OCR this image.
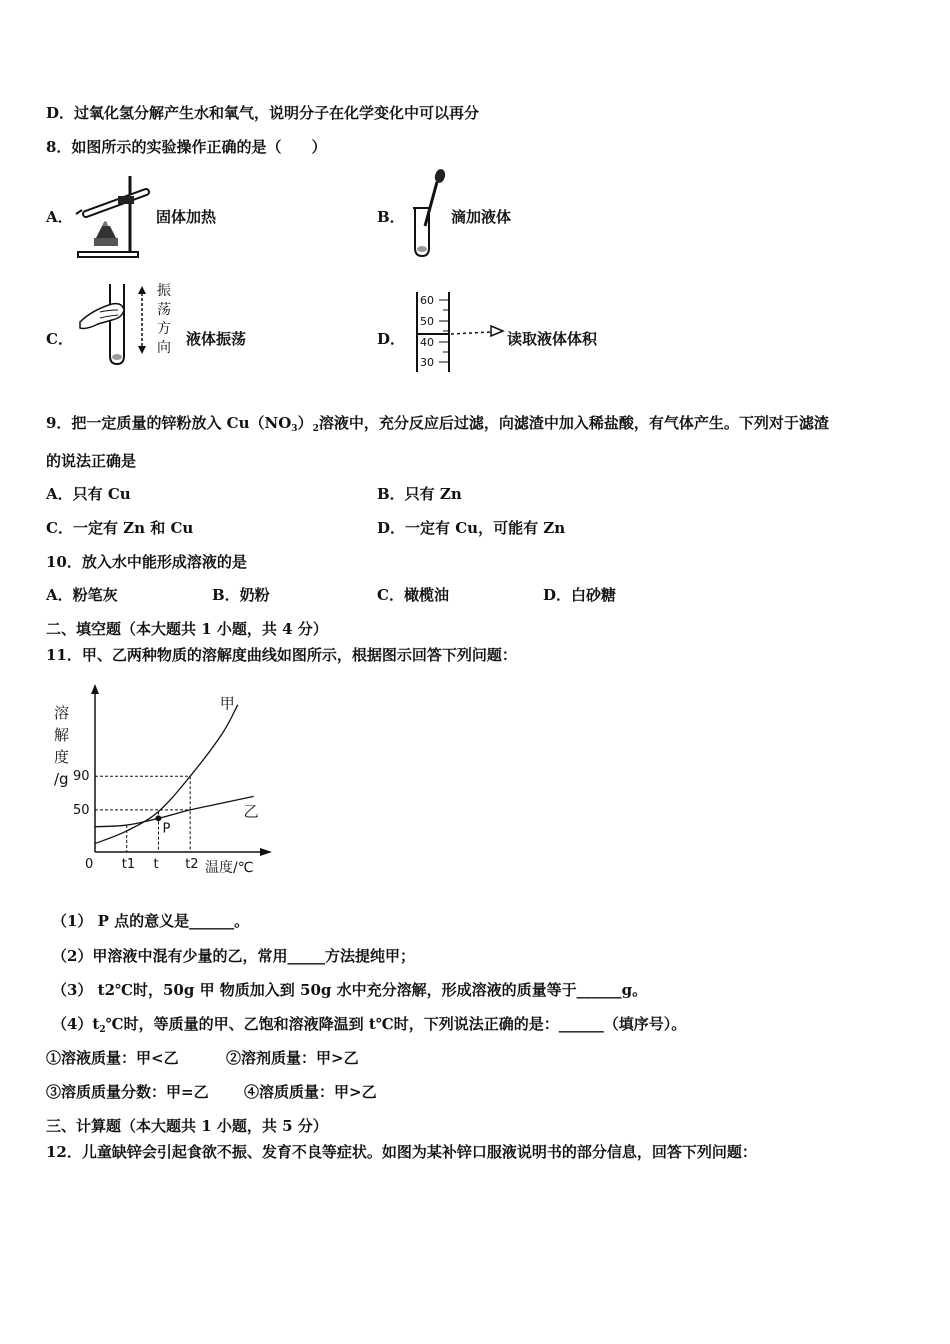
D．过氧化氢分解产生水和氧气，说明分子在化学变化中可以再分
8．如图所示的实验操作正确的是（　　）
A．	固体加热	B．	滴加液体
C．
振
荡
方
向 液体振荡	D．
60
50
40
30
读取液体体积
9．把一定质量的锌粉放入 $Cu(NO_3)_2$溶液中，充分反应后过滤，向滤渣中加入稀盐酸，有气体产生。下列对于滤渣
的说法正确是
A．只有 Cu	B．只有 Zn
C．一定有 Zn 和 Cu	D．一定有 Cu，可能有 Zn
10．放入水中能形成溶液的是
A．粉笔灰	B．奶粉	C．橄榄油	D．白砂糖
二、填空题（本大题共 1 小题，共 4 分）
11．甲、乙两种物质的溶解度曲线如图所示，根据图示回答下列问题：
甲
乙
50
90
t1 t t2
0
P
溶
解
度
/g
温度/℃
（1） P 点的意义是______。
（2）甲溶液中混有少量的乙，常用_____方法提纯甲；
（3） t2℃时，50g 甲 物质加入到 50g 水中充分溶解，形成溶液的质量等于______g。
$(4)t_2℃$时，等质量的甲、乙饱和溶液降温到 t℃时，下列说法正确的是：______（填序号）。
①溶液质量：甲<乙	②溶剂质量：甲>乙
③溶质质量分数：甲=乙 ④溶质质量：甲>乙
三、计算题（本大题共 1 小题，共 5 分）
12．儿童缺锌会引起食欲不振、发育不良等症状。如图为某补锌口服液说明书的部分信息，回答下列问题：
